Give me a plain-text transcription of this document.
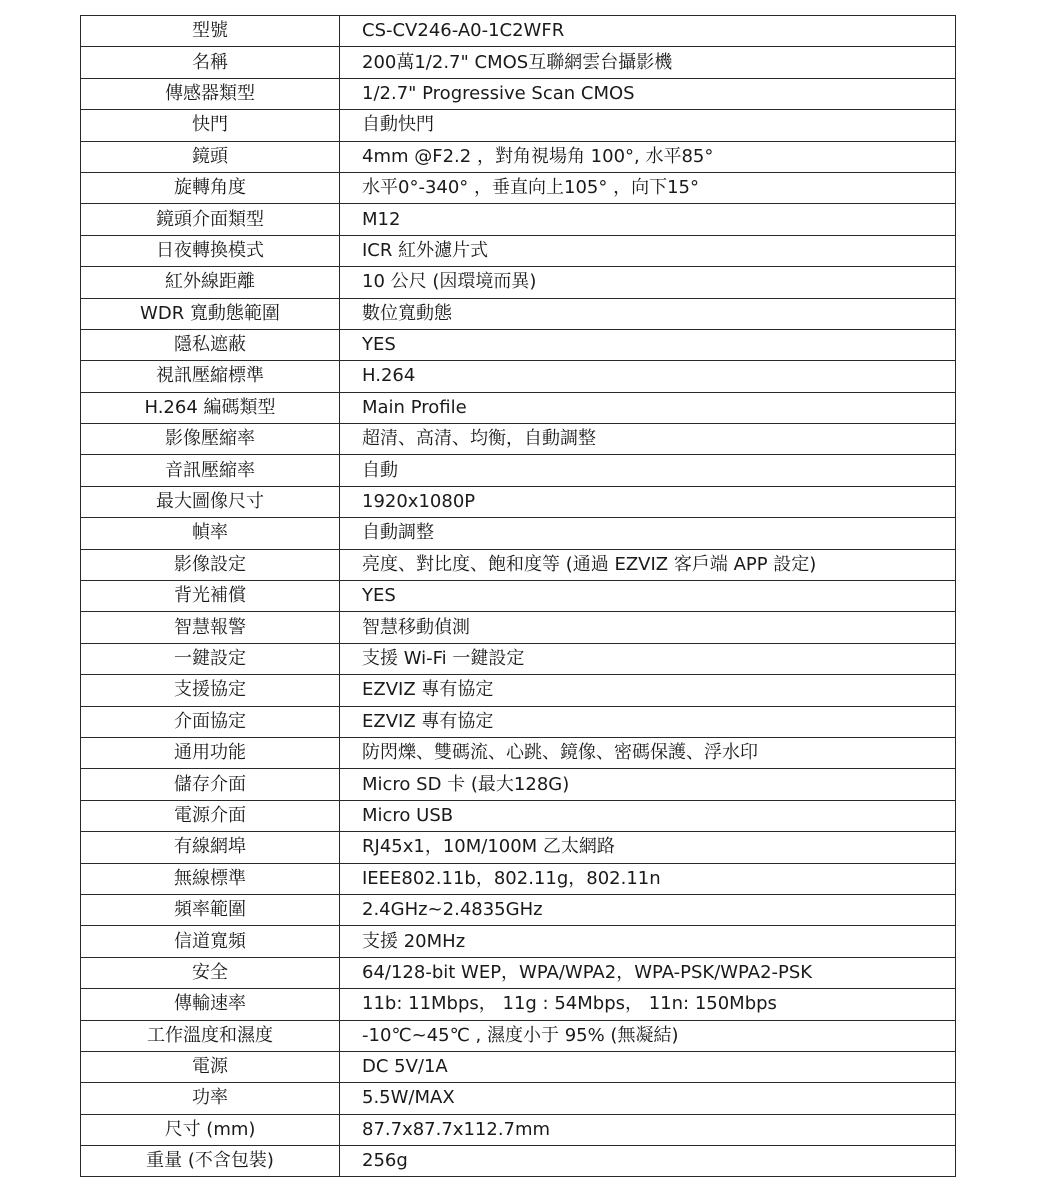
型號	CS-CV246-A0-1C2WFR
名稱	200萬1/2.7" CMOS互聯網雲台攝影機
傳感器類型	1/2.7" Progressive Scan CMOS
快門	自動快門
鏡頭	4mm @F2.2 ，對角視場角 100°, 水平85°
旋轉角度	水平0°-340° ，垂直向上105° ，向下15°
鏡頭介面類型	M12
日夜轉換模式	ICR 紅外濾片式
紅外線距離	10 公尺 (因環境而異)
WDR 寬動態範圍	數位寬動態
隱私遮蔽	YES
視訊壓縮標準	H.264
H.264 編碼類型	Main Profile
影像壓縮率	超清、高清、均衡，自動調整
音訊壓縮率	自動
最大圖像尺寸	1920x1080P
幀率	自動調整
影像設定	亮度、對比度、飽和度等 (通過 EZVIZ 客戶端 APP 設定)
背光補償	YES
智慧報警	智慧移動偵測
一鍵設定	支援 Wi-Fi 一鍵設定
支援協定	EZVIZ 專有協定
介面協定	EZVIZ 專有協定
通用功能	防閃爍、雙碼流、心跳、鏡像、密碼保護、浮水印
儲存介面	Micro SD 卡 (最大128G)
電源介面	Micro USB
有線網埠	RJ45x1，10M/100M 乙太網路
無線標準	IEEE802.11b，802.11g，802.11n
頻率範圍	2.4GHz~2.4835GHz
信道寬頻	支援 20MHz
安全	64/128-bit WEP，WPA/WPA2，WPA-PSK/WPA2-PSK
傳輸速率	11b: 11Mbps， 11g : 54Mbps， 11n: 150Mbps
工作溫度和濕度	-10℃~45℃ , 濕度小于 95% (無凝結)
電源	DC 5V/1A
功率	5.5W/MAX
尺寸 (mm)	87.7x87.7x112.7mm
重量 (不含包裝)	256g
